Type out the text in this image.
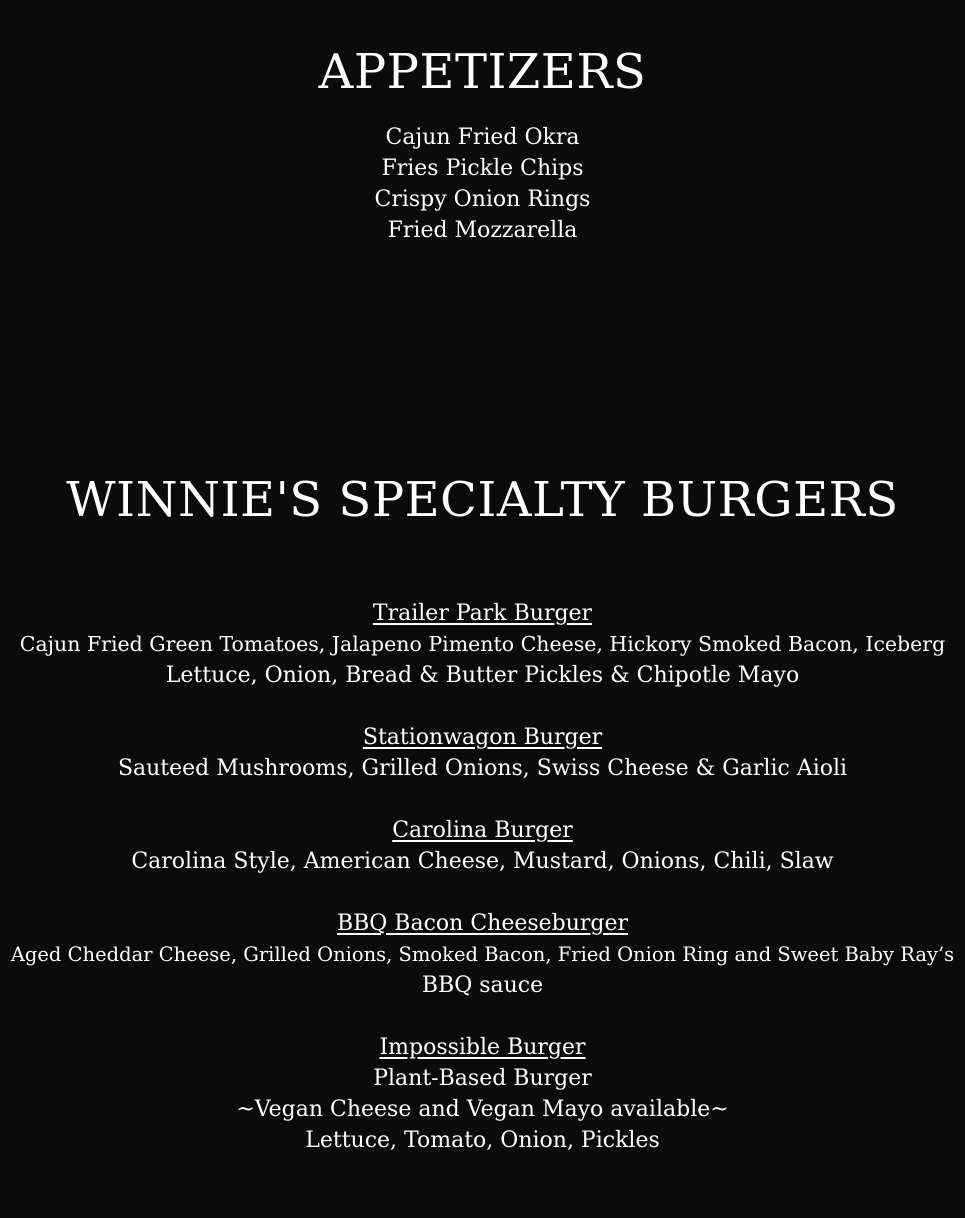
APPETIZERS
Cajun Fried Okra
Fries Pickle Chips
Crispy Onion Rings
Fried Mozzarella
WINNIE'S SPECIALTY BURGERS
Trailer Park Burger
Cajun Fried Green Tomatoes, Jalapeno Pimento Cheese, Hickory Smoked Bacon, Iceberg
Lettuce, Onion, Bread & Butter Pickles & Chipotle Mayo
Stationwagon Burger
Sauteed Mushrooms, Grilled Onions, Swiss Cheese & Garlic Aioli
Carolina Burger
Carolina Style, American Cheese, Mustard, Onions, Chili, Slaw
BBQ Bacon Cheeseburger
Aged Cheddar Cheese, Grilled Onions, Smoked Bacon, Fried Onion Ring and Sweet Baby Ray’s
BBQ sauce
Impossible Burger
Plant-Based Burger
~Vegan Cheese and Vegan Mayo available~
Lettuce, Tomato, Onion, Pickles
